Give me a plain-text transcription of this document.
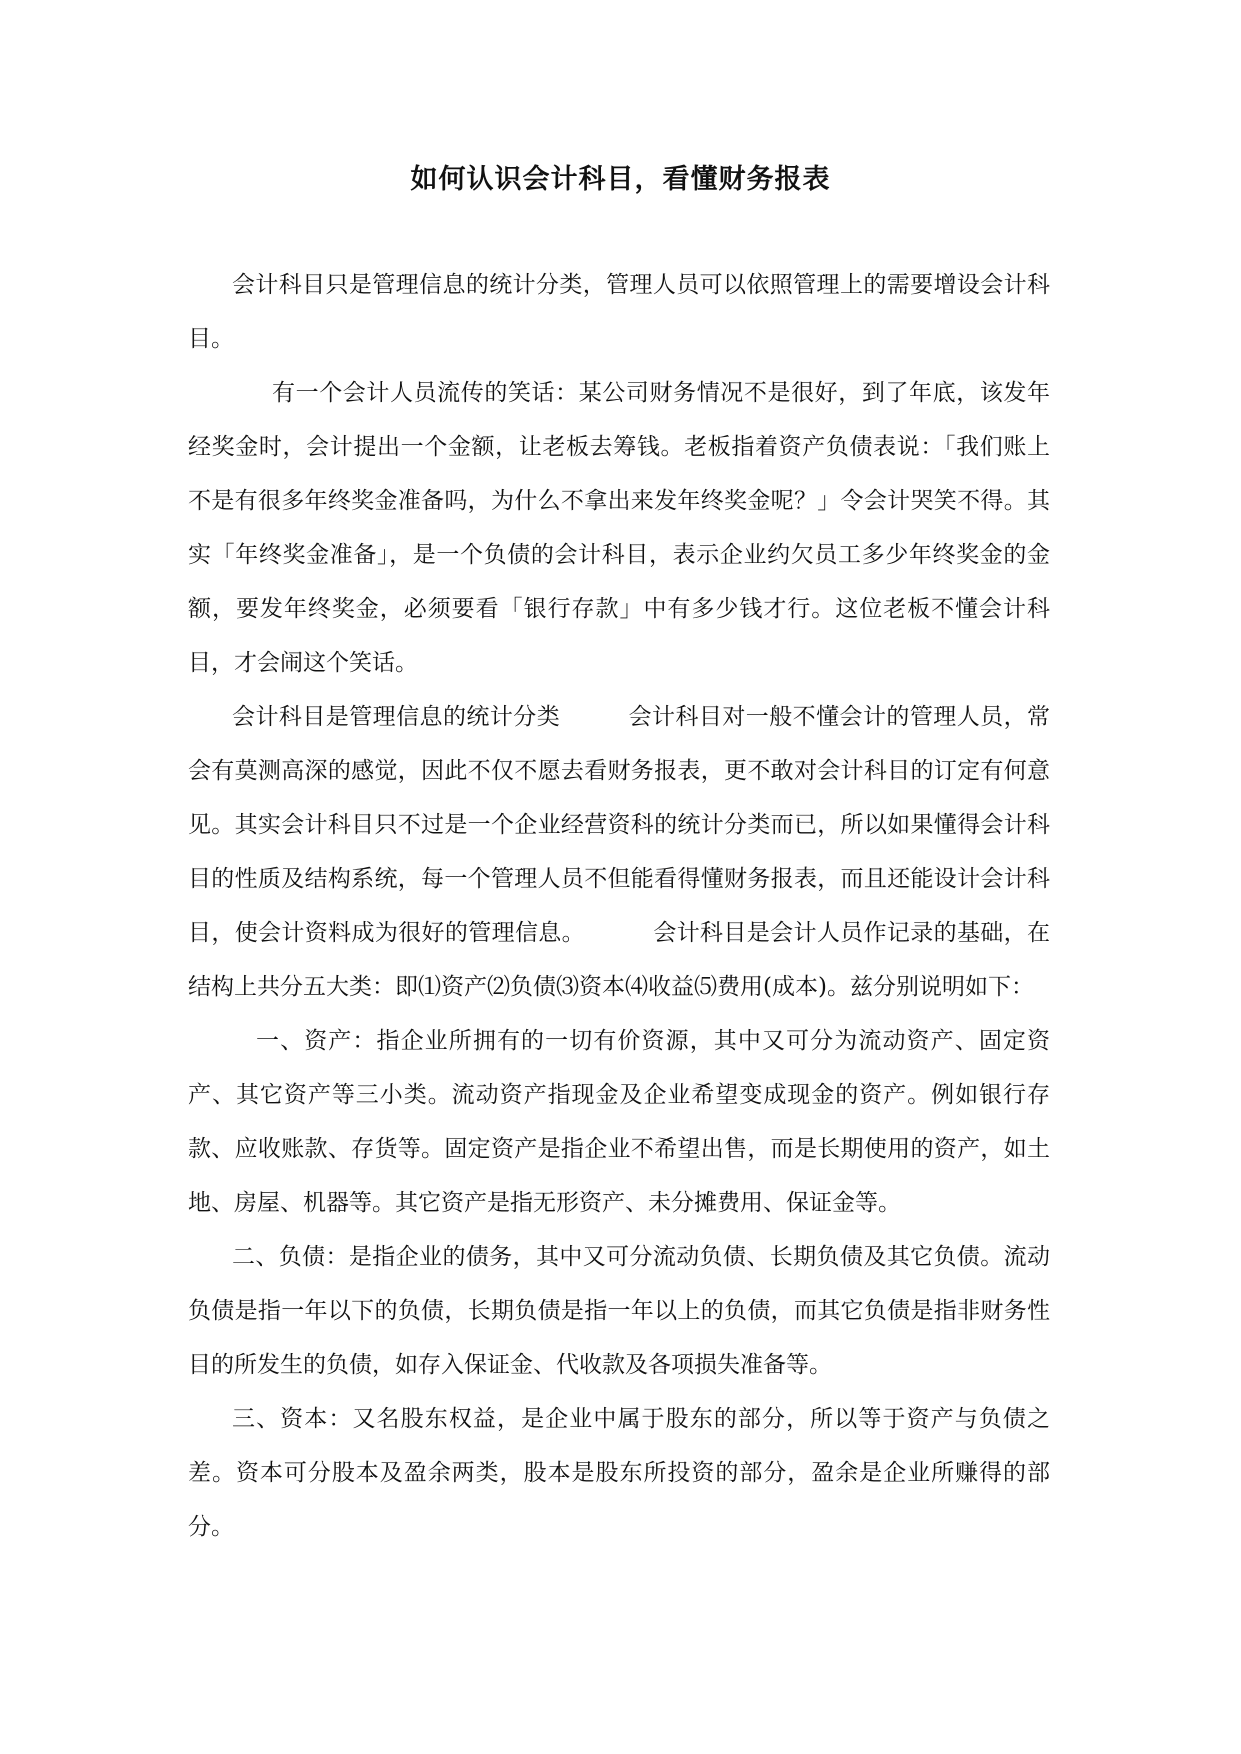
如何认识会计科目，看懂财务报表

会计科目只是管理信息的统计分类，管理人员可以依照管理上的需要增设会计科目。

有一个会计人员流传的笑话：某公司财务情况不是很好，到了年底，该发年经奖金时，会计提出一个金额，让老板去筹钱。老板指着资产负债表说：「我们账上不是有很多年终奖金准备吗，为什么不拿出来发年终奖金呢？」令会计哭笑不得。其实「年终奖金准备」，是一个负债的会计科目，表示企业约欠员工多少年终奖金的金额，要发年终奖金，必须要看「银行存款」中有多少钱才行。这位老板不懂会计科目，才会闹这个笑话。

会计科目是管理信息的统计分类	会计科目对一般不懂会计的管理人员，常会有莫测高深的感觉，因此不仅不愿去看财务报表，更不敢对会计科目的订定有何意见。其实会计科目只不过是一个企业经营资科的统计分类而已，所以如果懂得会计科目的性质及结构系统，每一个管理人员不但能看得懂财务报表，而且还能设计会计科目，使会计资料成为很好的管理信息。	会计科目是会计人员作记录的基础，在结构上共分五大类：即⑴资产⑵负债⑶资本⑷收益⑸费用(成本)。兹分别说明如下：

一、资产：指企业所拥有的一切有价资源，其中又可分为流动资产、固定资产、其它资产等三小类。流动资产指现金及企业希望变成现金的资产。例如银行存款、应收账款、存货等。固定资产是指企业不希望出售，而是长期使用的资产，如土地、房屋、机器等。其它资产是指无形资产、未分摊费用、保证金等。

二、负债：是指企业的债务，其中又可分流动负债、长期负债及其它负债。流动负债是指一年以下的负债，长期负债是指一年以上的负债，而其它负债是指非财务性目的所发生的负债，如存入保证金、代收款及各项损失准备等。

三、资本：又名股东权益，是企业中属于股东的部分，所以等于资产与负债之差。资本可分股本及盈余两类，股本是股东所投资的部分，盈余是企业所赚得的部分。
